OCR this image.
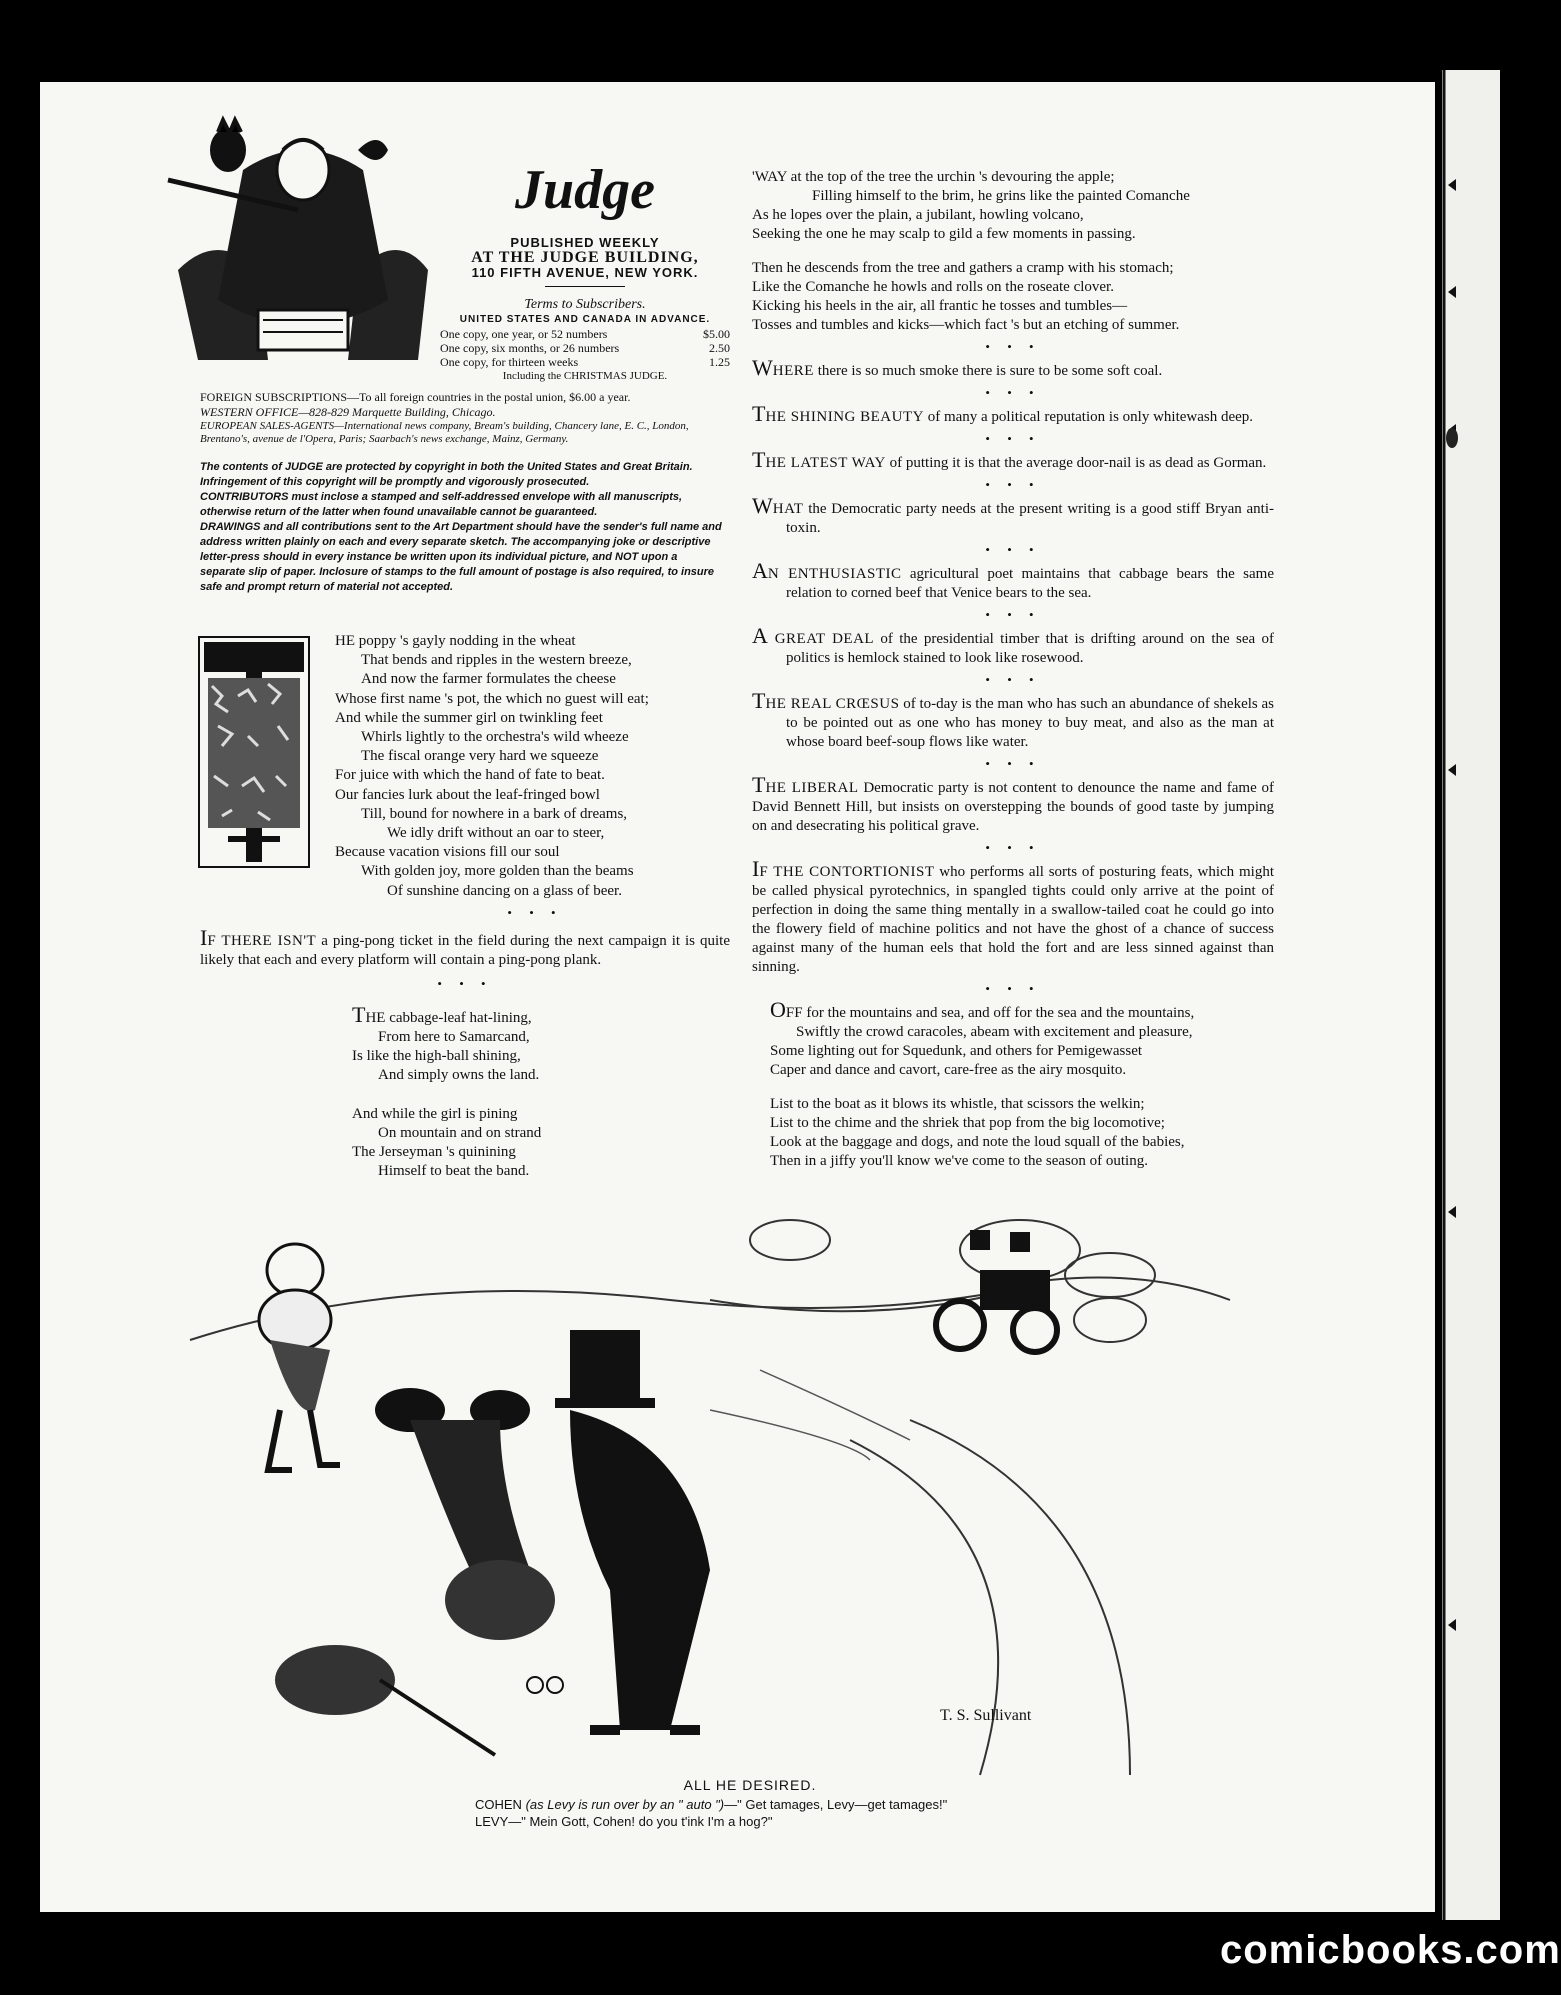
Judge
PUBLISHED WEEKLY
AT THE JUDGE BUILDING,
110 FIFTH AVENUE, NEW YORK.
Terms to Subscribers.
UNITED STATES AND CANADA IN ADVANCE.
One copy, one year, or 52 numbers	$5.00
One copy, six months, or 26 numbers	2.50
One copy, for thirteen weeks	1.25
Including the CHRISTMAS JUDGE.
FOREIGN SUBSCRIPTIONS—To all foreign countries in the postal union, $6.00 a year.
WESTERN OFFICE—828-829 Marquette Building, Chicago.
EUROPEAN SALES-AGENTS—International news company, Bream's building, Chancery lane, E. C., London, Brentano's, avenue de l'Opera, Paris; Saarbach's news exchange, Mainz, Germany.
The contents of JUDGE are protected by copyright in both the United States and Great Britain. Infringement of this copyright will be promptly and vigorously prosecuted.
CONTRIBUTORS must inclose a stamped and self-addressed envelope with all manuscripts, otherwise return of the latter when found unavailable cannot be guaranteed.
DRAWINGS and all contributions sent to the Art Department should have the sender's full name and address written plainly on each and every separate sketch. The accompanying joke or descriptive letter-press should in every instance be written upon its individual picture, and NOT upon a separate slip of paper. Inclosure of stamps to the full amount of postage is also required, to insure safe and prompt return of material not accepted.
HE poppy 's gayly nodding in the wheat
That bends and ripples in the western breeze,
And now the farmer formulates the cheese
Whose first name 's pot, the which no guest will eat;
And while the summer girl on twinkling feet
Whirls lightly to the orchestra's wild wheeze
The fiscal orange very hard we squeeze
For juice with which the hand of fate to beat.
Our fancies lurk about the leaf-fringed bowl
Till, bound for nowhere in a bark of dreams,
We idly drift without an oar to steer,
Because vacation visions fill our soul
With golden joy, more golden than the beams
Of sunshine dancing on a glass of beer.
• • •
IF THERE ISN'T a ping-pong ticket in the field during the next campaign it is quite likely that each and every platform will contain a ping-pong plank.
• • •
THE cabbage-leaf hat-lining,
From here to Samarcand,
Is like the high-ball shining,
And simply owns the land.
And while the girl is pining
On mountain and on strand
The Jerseyman 's quinining
Himself to beat the band.
'WAY at the top of the tree the urchin 's devouring the apple;
Filling himself to the brim, he grins like the painted Comanche
As he lopes over the plain, a jubilant, howling volcano,
Seeking the one he may scalp to gild a few moments in passing.
Then he descends from the tree and gathers a cramp with his stomach;
Like the Comanche he howls and rolls on the roseate clover.
Kicking his heels in the air, all frantic he tosses and tumbles—
Tosses and tumbles and kicks—which fact 's but an etching of summer.
• • •
WHERE there is so much smoke there is sure to be some soft coal.
• • •
THE SHINING BEAUTY of many a political reputation is only whitewash deep.
• • •
THE LATEST WAY of putting it is that the average door-nail is as dead as Gorman.
• • •
WHAT the Democratic party needs at the present writing is a good stiff Bryan anti-toxin.
• • •
AN ENTHUSIASTIC agricultural poet maintains that cabbage bears the same relation to corned beef that Venice bears to the sea.
• • •
A GREAT DEAL of the presidential timber that is drifting around on the sea of politics is hemlock stained to look like rosewood.
• • •
THE REAL CRŒSUS of to-day is the man who has such an abundance of shekels as to be pointed out as one who has money to buy meat, and also as the man at whose board beef-soup flows like water.
• • •
THE LIBERAL Democratic party is not content to denounce the name and fame of David Bennett Hill, but insists on overstepping the bounds of good taste by jumping on and desecrating his political grave.
• • •
IF THE CONTORTIONIST who performs all sorts of posturing feats, which might be called physical pyrotechnics, in spangled tights could only arrive at the point of perfection in doing the same thing mentally in a swallow-tailed coat he could go into the flowery field of machine politics and not have the ghost of a chance of success against many of the human eels that hold the fort and are less sinned against than sinning.
• • •
OFF for the mountains and sea, and off for the sea and the mountains,
Swiftly the crowd caracoles, abeam with excitement and pleasure,
Some lighting out for Squedunk, and others for Pemigewasset
Caper and dance and cavort, care-free as the airy mosquito.
List to the boat as it blows its whistle, that scissors the welkin;
List to the chime and the shriek that pop from the big locomotive;
Look at the baggage and dogs, and note the loud squall of the babies,
Then in a jiffy you'll know we've come to the season of outing.
T. S. Sullivant
ALL HE DESIRED.
COHEN (as Levy is run over by an " auto ")—" Get tamages, Levy—get tamages!"
LEVY—" Mein Gott, Cohen! do you t'ink I'm a hog?"
comicbooks.com
